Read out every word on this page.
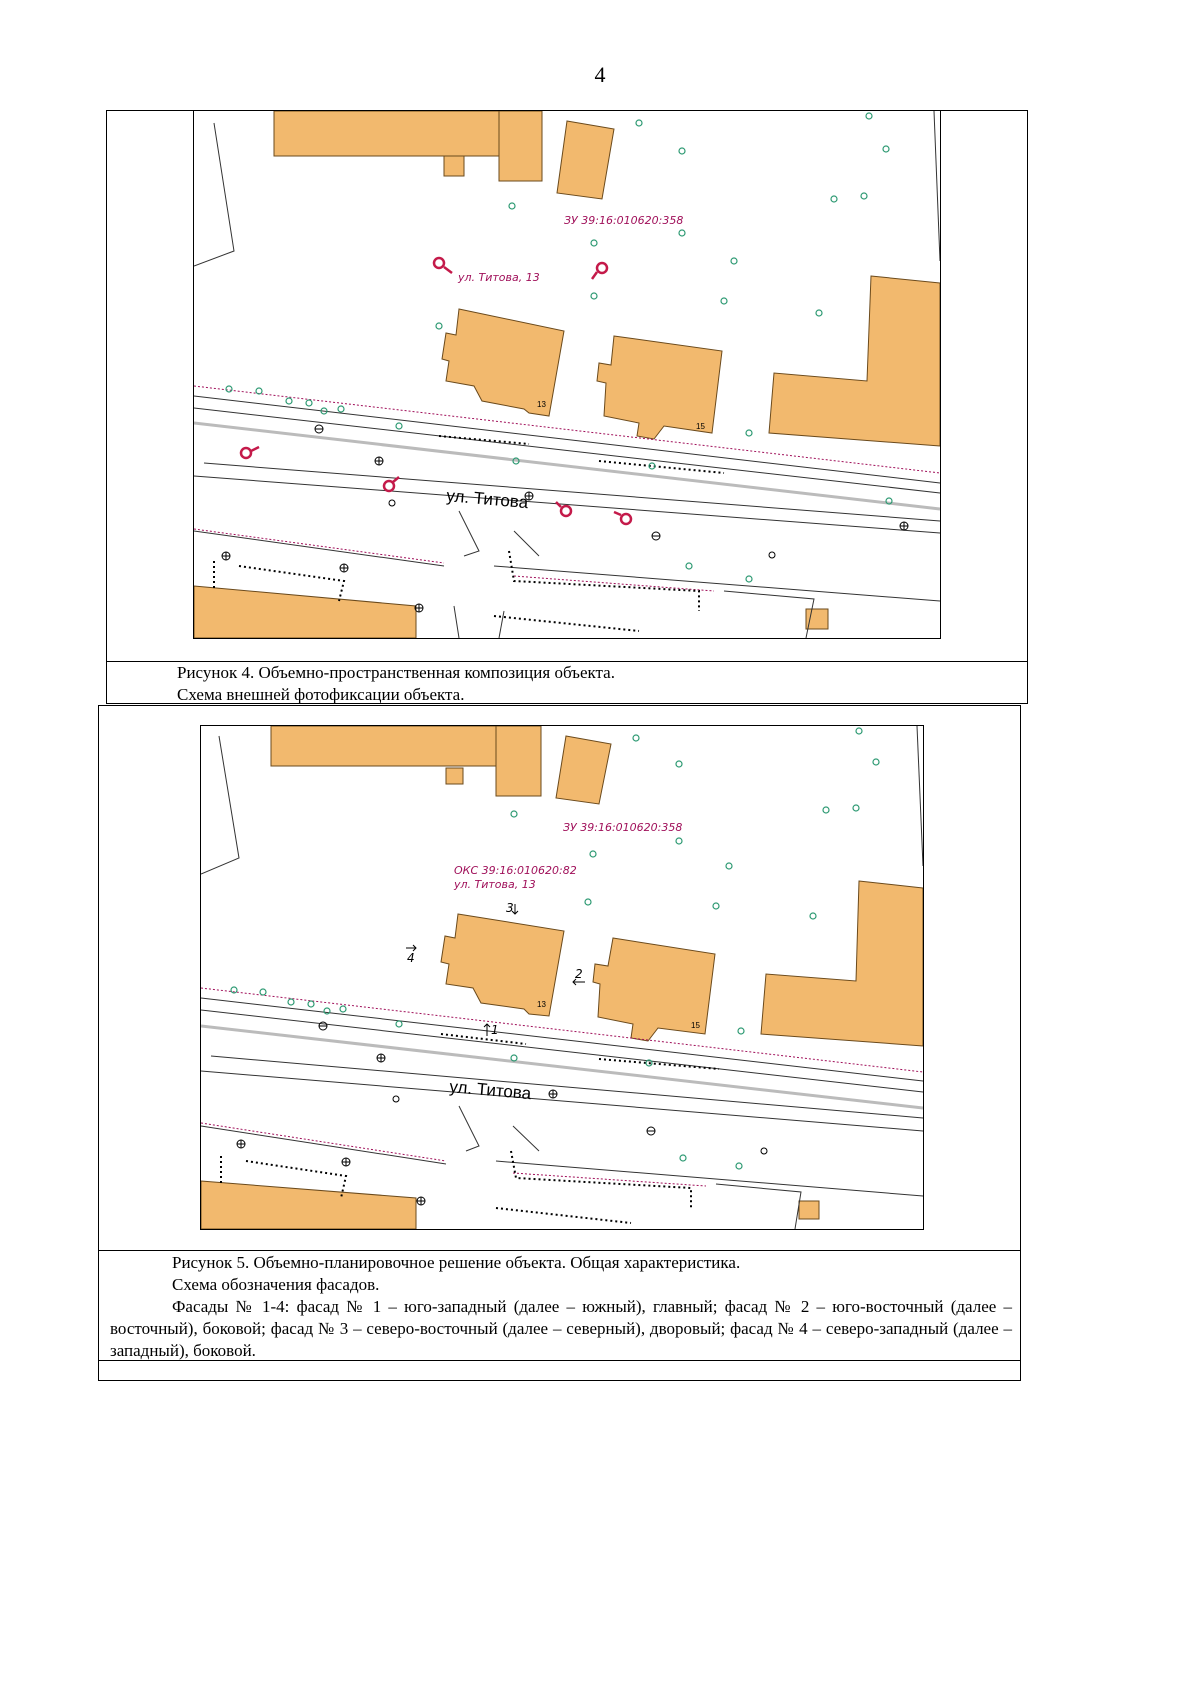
4
13
15
ЗУ 39:16:010620:358
ул. Титова, 13
ул. Титова

Рисунок 4. Объемно-пространственная композиция объекта.

Схема внешней фотофиксации объекта.

13
15
ЗУ 39:16:010620:358
ОКС 39:16:010620:82
ул. Титова, 13
ул. Титова
1
2
3
4

Рисунок 5. Объемно-планировочное решение объекта. Общая характеристика.

Схема обозначения фасадов.

Фасады № 1-4: фасад № 1 – юго-западный (далее – южный), главный; фасад № 2 – юго-восточный (далее – восточный), боковой; фасад № 3 – северо-восточный (далее – северный), дворовый; фасад № 4 – северо-западный (далее – западный), боковой.
